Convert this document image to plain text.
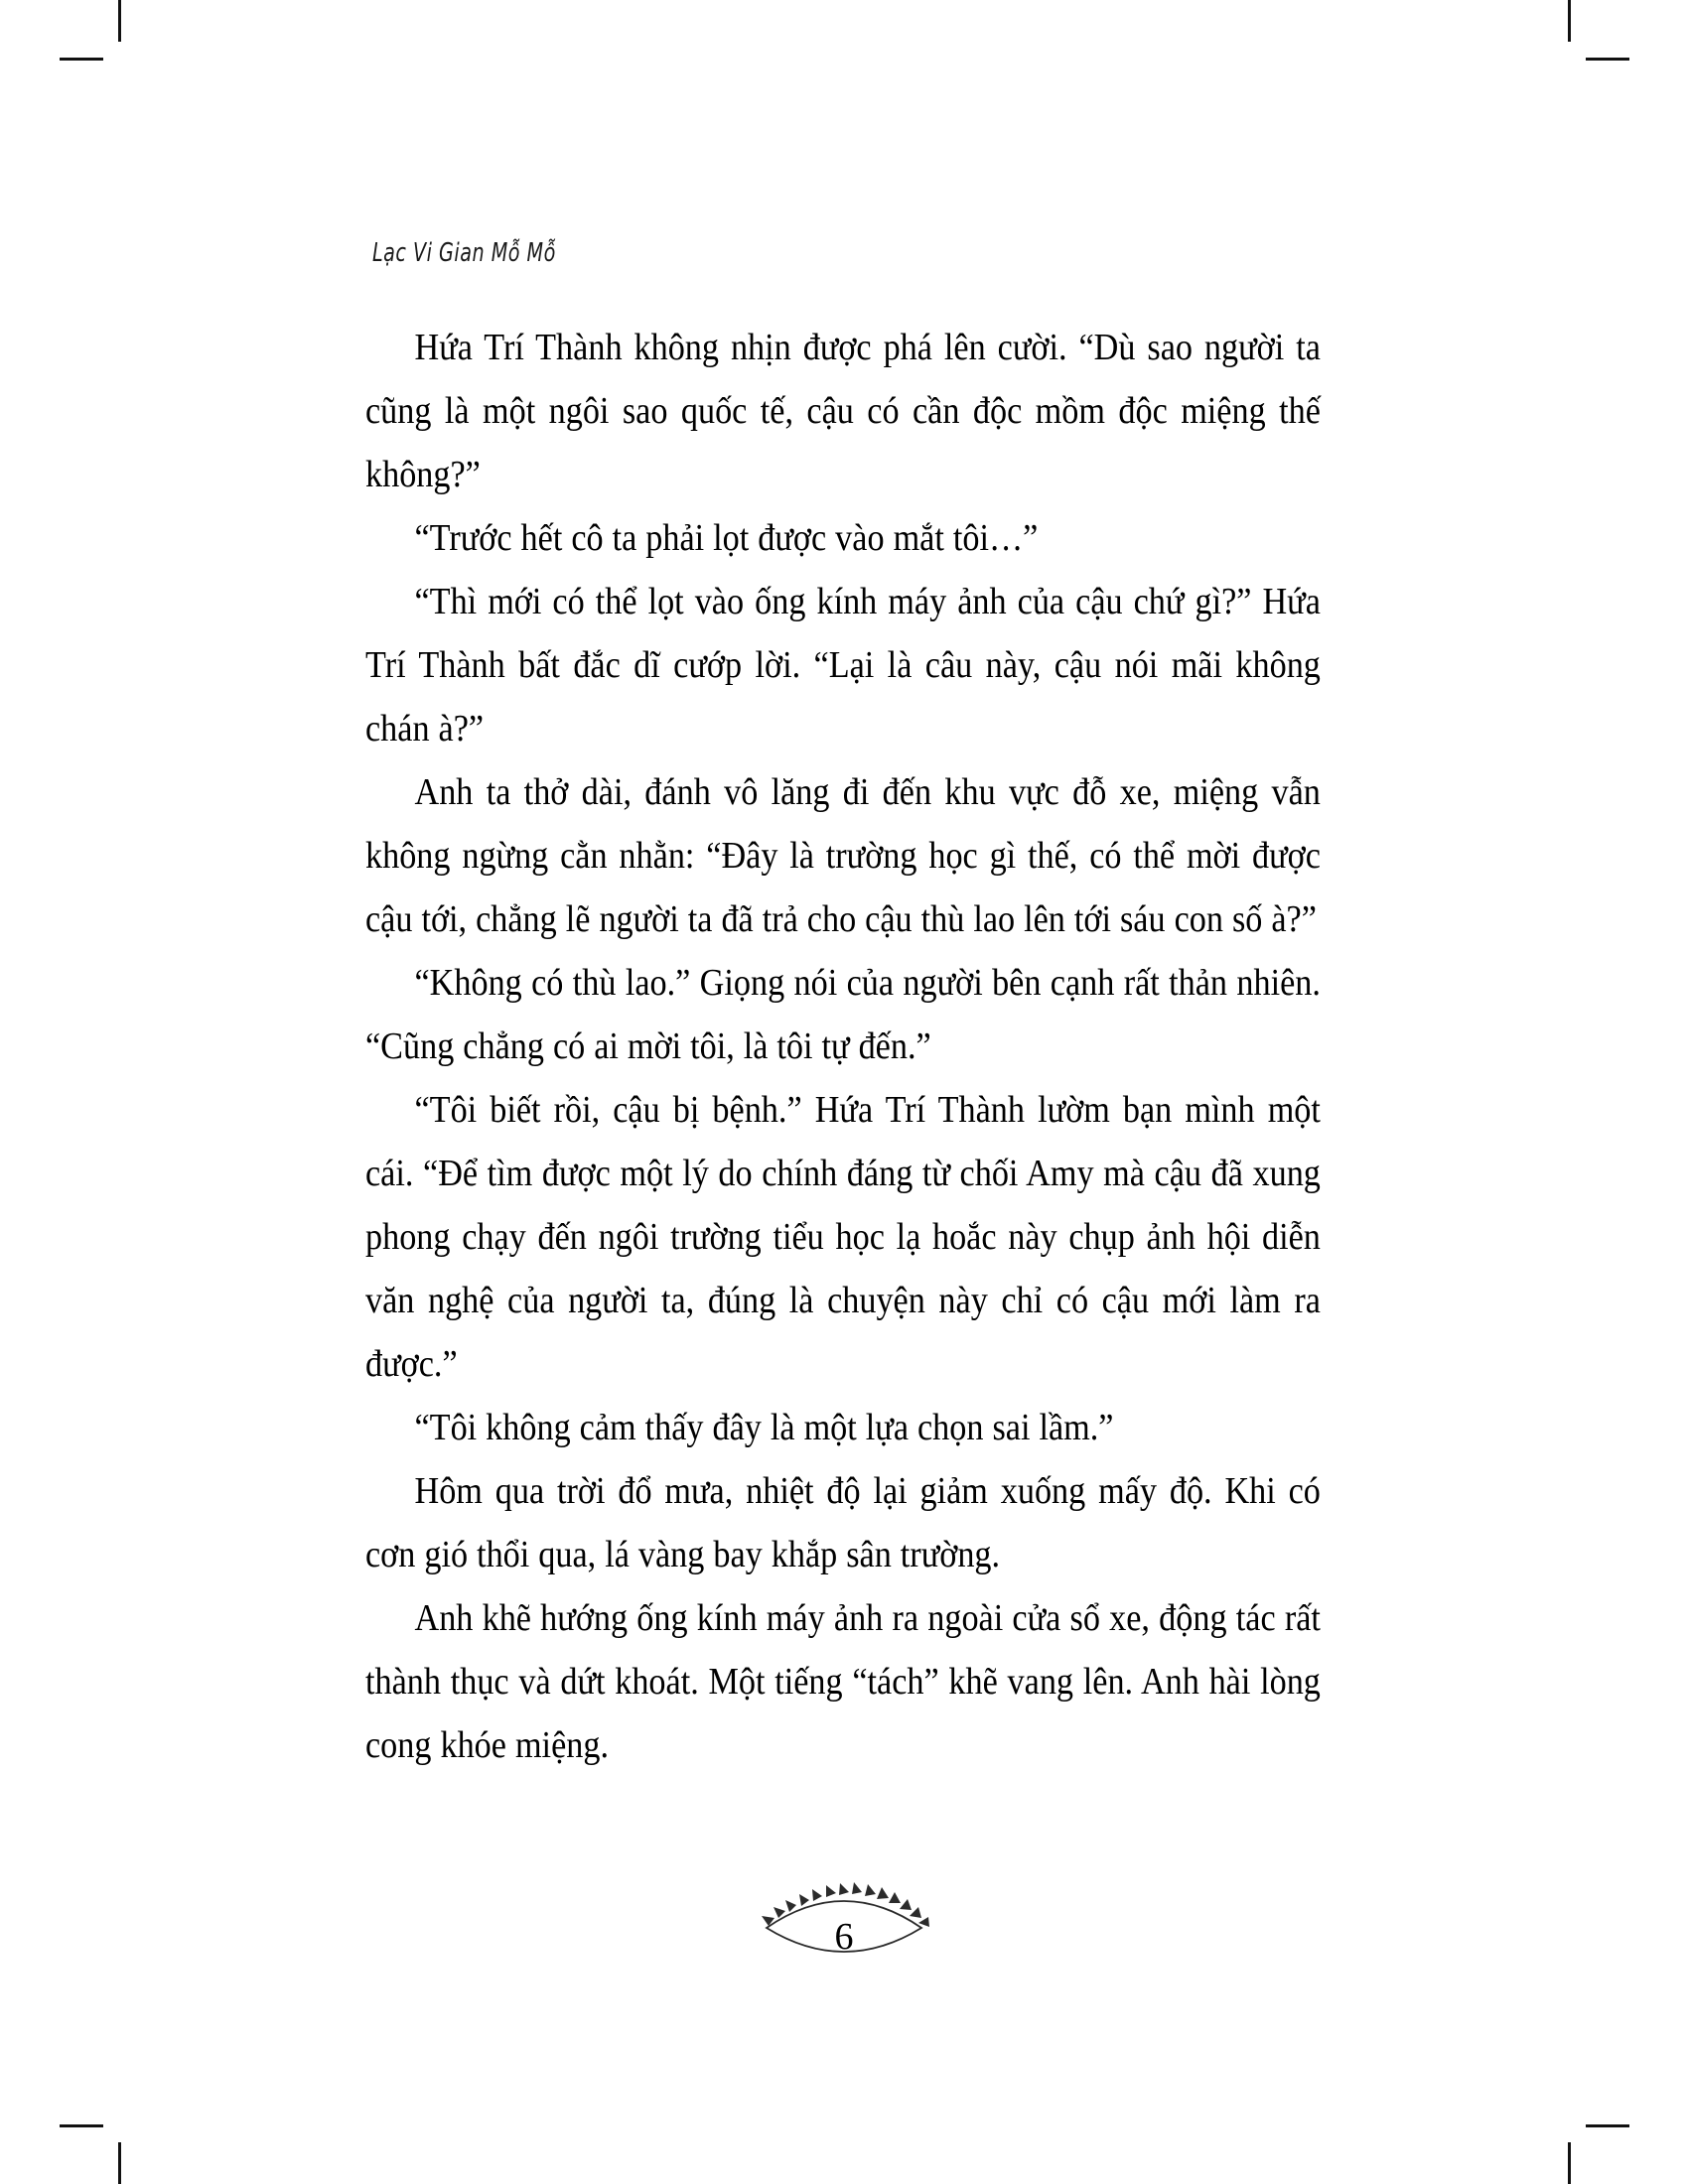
Lạc Vi Gian Mỗ Mỗ

Hứa Trí Thành không nhịn được phá lên cười. “Dù sao người ta cũng là một ngôi sao quốc tế, cậu có cần độc mồm độc miệng thế không?”

“Trước hết cô ta phải lọt được vào mắt tôi…”

“Thì mới có thể lọt vào ống kính máy ảnh của cậu chứ gì?” Hứa Trí Thành bất đắc dĩ cướp lời. “Lại là câu này, cậu nói mãi không chán à?”

Anh ta thở dài, đánh vô lăng đi đến khu vực đỗ xe, miệng vẫn không ngừng cằn nhằn: “Đây là trường học gì thế, có thể mời được cậu tới, chẳng lẽ người ta đã trả cho cậu thù lao lên tới sáu con số à?”

“Không có thù lao.” Giọng nói của người bên cạnh rất thản nhiên. “Cũng chẳng có ai mời tôi, là tôi tự đến.”

“Tôi biết rồi, cậu bị bệnh.” Hứa Trí Thành lườm bạn mình một cái. “Để tìm được một lý do chính đáng từ chối Amy mà cậu đã xung phong chạy đến ngôi trường tiểu học lạ hoắc này chụp ảnh hội diễn văn nghệ của người ta, đúng là chuyện này chỉ có cậu mới làm ra được.”

“Tôi không cảm thấy đây là một lựa chọn sai lầm.”

Hôm qua trời đổ mưa, nhiệt độ lại giảm xuống mấy độ. Khi có cơn gió thổi qua, lá vàng bay khắp sân trường.

Anh khẽ hướng ống kính máy ảnh ra ngoài cửa sổ xe, động tác rất thành thục và dứt khoát. Một tiếng “tách” khẽ vang lên. Anh hài lòng cong khóe miệng.

6
